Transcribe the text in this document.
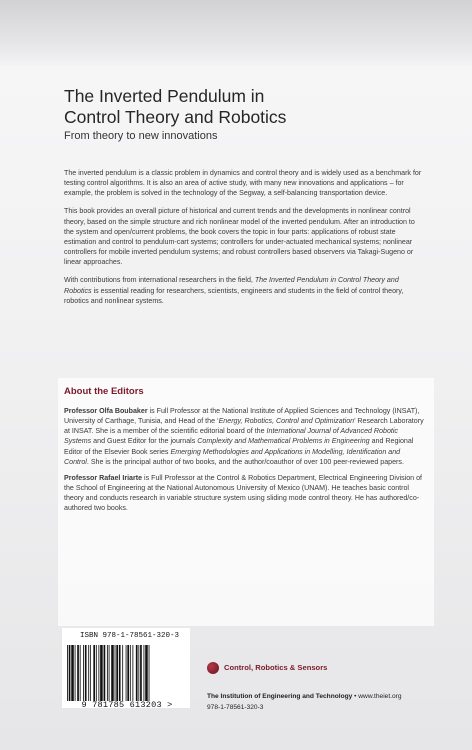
The Inverted Pendulum in
Control Theory and Robotics
From theory to new innovations

The inverted pendulum is a classic problem in dynamics and control theory and is widely used as a benchmark for testing control algorithms. It is also an area of active study, with many new innovations and applications – for example, the problem is solved in the technology of the Segway, a self-balancing transportation device.

This book provides an overall picture of historical and current trends and the developments in nonlinear control theory, based on the simple structure and rich nonlinear model of the inverted pendulum. After an introduction to the system and open/current problems, the book covers the topic in four parts: applications of robust state estimation and control to pendulum-cart systems; controllers for under-actuated mechanical systems; nonlinear controllers for mobile inverted pendulum systems; and robust controllers based observers via Takagi-Sugeno or linear approaches.

With contributions from international researchers in the field, The Inverted Pendulum in Control Theory and Robotics is essential reading for researchers, scientists, engineers and students in the field of control theory, robotics and nonlinear systems.

About the Editors

Professor Olfa Boubaker is Full Professor at the National Institute of Applied Sciences and Technology (INSAT), University of Carthage, Tunisia, and Head of the ‘Energy, Robotics, Control and Optimization’ Research Laboratory at INSAT. She is a member of the scientific editorial board of the International Journal of Advanced Robotic Systems and Guest Editor for the journals Complexity and Mathematical Problems in Engineering and Regional Editor of the Elsevier Book series Emerging Methodologies and Applications in Modelling, Identification and Control. She is the principal author of two books, and the author/coauthor of over 100 peer-reviewed papers.

Professor Rafael Iriarte is Full Professor at the Control & Robotics Department, Electrical Engineering Division of the School of Engineering at the National Autonomous University of Mexico (UNAM). He teaches basic control theory and conducts research in variable structure system using sliding mode control theory. He has authored/co-authored two books.

ISBN 978-1-78561-320-3
9 781785 613203 >
Control, Robotics & Sensors
The Institution of Engineering and Technology • www.theiet.org
978-1-78561-320-3
